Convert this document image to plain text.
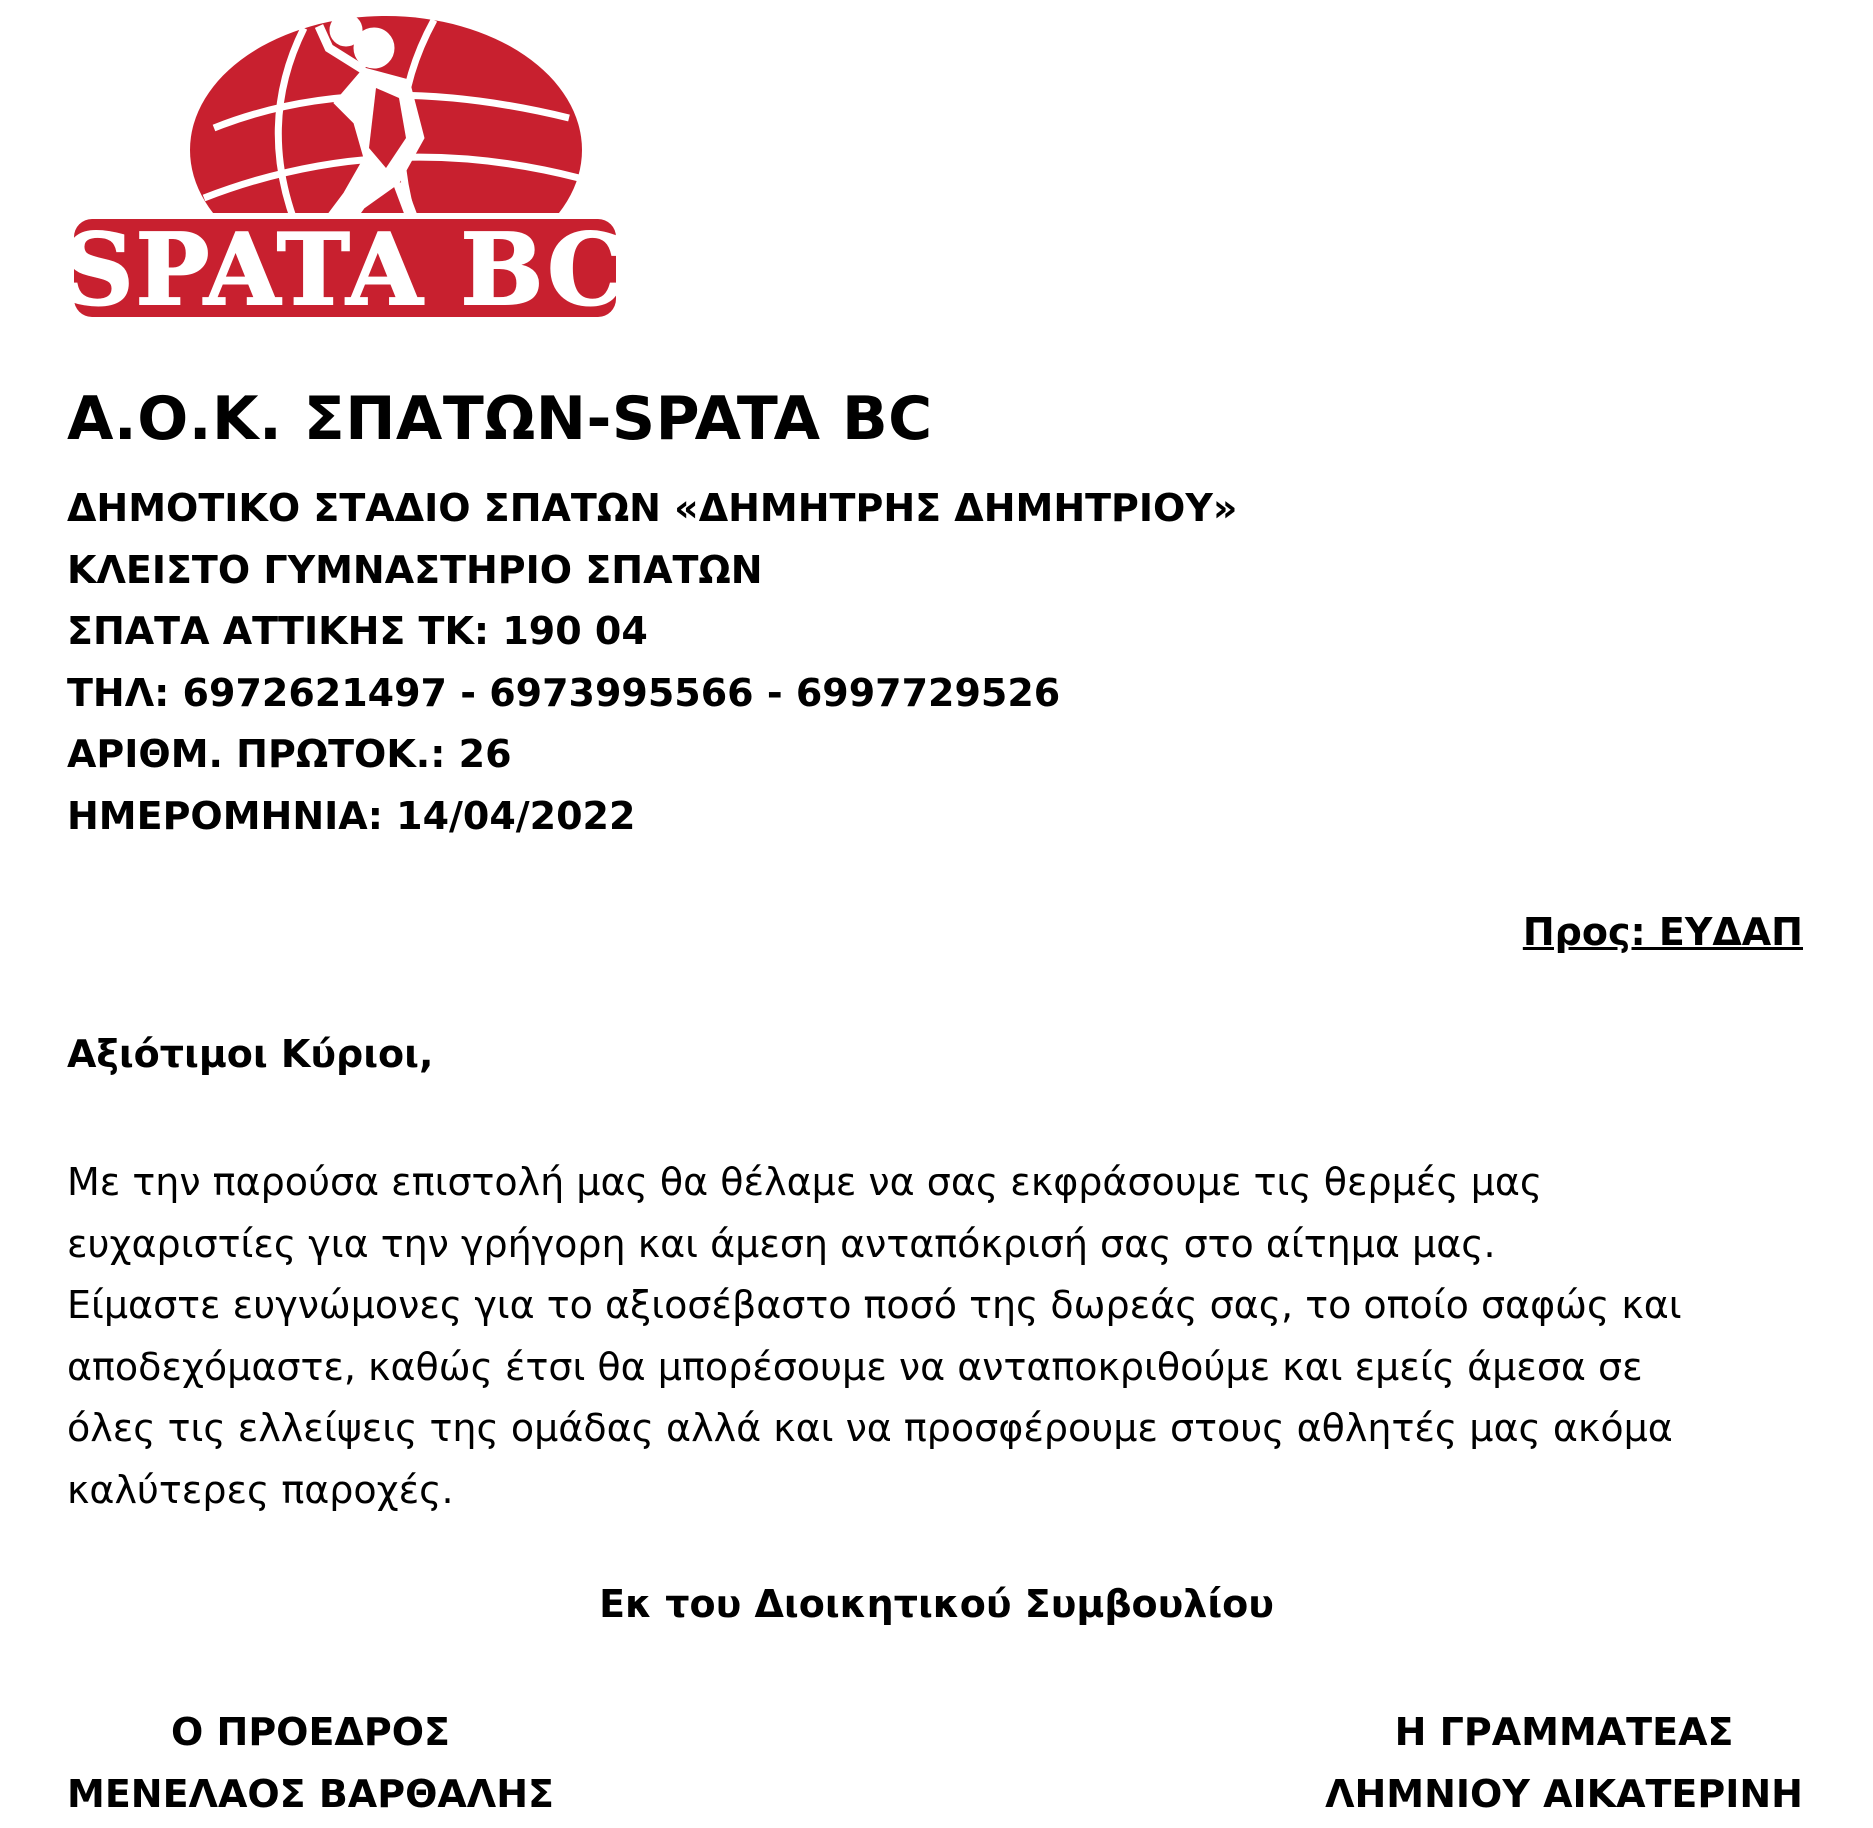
SPATA BC
Α.Ο.Κ. ΣΠΑΤΩΝ-SPATA BC
ΔΗΜΟΤΙΚΟ ΣΤΑΔΙΟ ΣΠΑΤΩΝ «ΔΗΜΗΤΡΗΣ ΔΗΜΗΤΡΙΟΥ»
ΚΛΕΙΣΤΟ ΓΥΜΝΑΣΤΗΡΙΟ ΣΠΑΤΩΝ
ΣΠΑΤΑ ΑΤΤΙΚΗΣ ΤΚ: 190 04
ΤΗΛ: 6972621497 - 6973995566 - 6997729526
ΑΡΙΘΜ. ΠΡΩΤΟΚ.: 26
ΗΜΕΡΟΜΗΝΙΑ: 14/04/2022
Προς: ΕΥΔΑΠ
Αξιότιμοι Κύριοι,
Με την παρούσα επιστολή μας θα θέλαμε να σας εκφράσουμε τις θερμές μας
ευχαριστίες για την γρήγορη και άμεση ανταπόκρισή σας στο αίτημα μας.
Είμαστε ευγνώμονες για το αξιοσέβαστο ποσό της δωρεάς σας, το οποίο σαφώς και
αποδεχόμαστε, καθώς έτσι θα μπορέσουμε να ανταποκριθούμε και εμείς άμεσα σε
όλες τις ελλείψεις της ομάδας αλλά και να προσφέρουμε στους αθλητές μας ακόμα
καλύτερες παροχές.
Εκ του Διοικητικού Συμβουλίου
Ο ΠΡΟΕΔΡΟΣ
ΜΕΝΕΛΑΟΣ ΒΑΡΘΑΛΗΣ
Η ΓΡΑΜΜΑΤΕΑΣ
ΛΗΜΝΙΟΥ ΑΙΚΑΤΕΡΙΝΗ
